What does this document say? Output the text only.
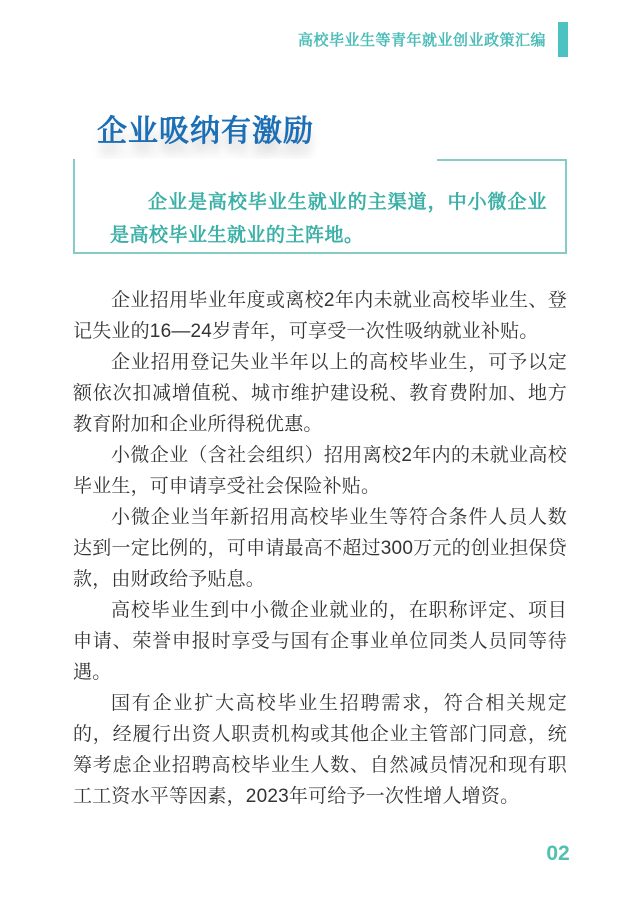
高校毕业生等青年就业创业政策汇编
企业吸纳有激励
企业是高校毕业生就业的主渠道，中小微企业是高校毕业生就业的主阵地。

企业招用毕业年度或离校2年内未就业高校毕业生、登记失业的16—24岁青年，可享受一次性吸纳就业补贴。

企业招用登记失业半年以上的高校毕业生，可予以定额依次扣减增值税、城市维护建设税、教育费附加、地方教育附加和企业所得税优惠。

小微企业（含社会组织）招用离校2年内的未就业高校毕业生，可申请享受社会保险补贴。

小微企业当年新招用高校毕业生等符合条件人员人数达到一定比例的，可申请最高不超过300万元的创业担保贷款，由财政给予贴息。

高校毕业生到中小微企业就业的，在职称评定、项目申请、荣誉申报时享受与国有企事业单位同类人员同等待遇。

国有企业扩大高校毕业生招聘需求，符合相关规定的，经履行出资人职责机构或其他企业主管部门同意，统筹考虑企业招聘高校毕业生人数、自然减员情况和现有职工工资水平等因素，2023年可给予一次性增人增资。

02
